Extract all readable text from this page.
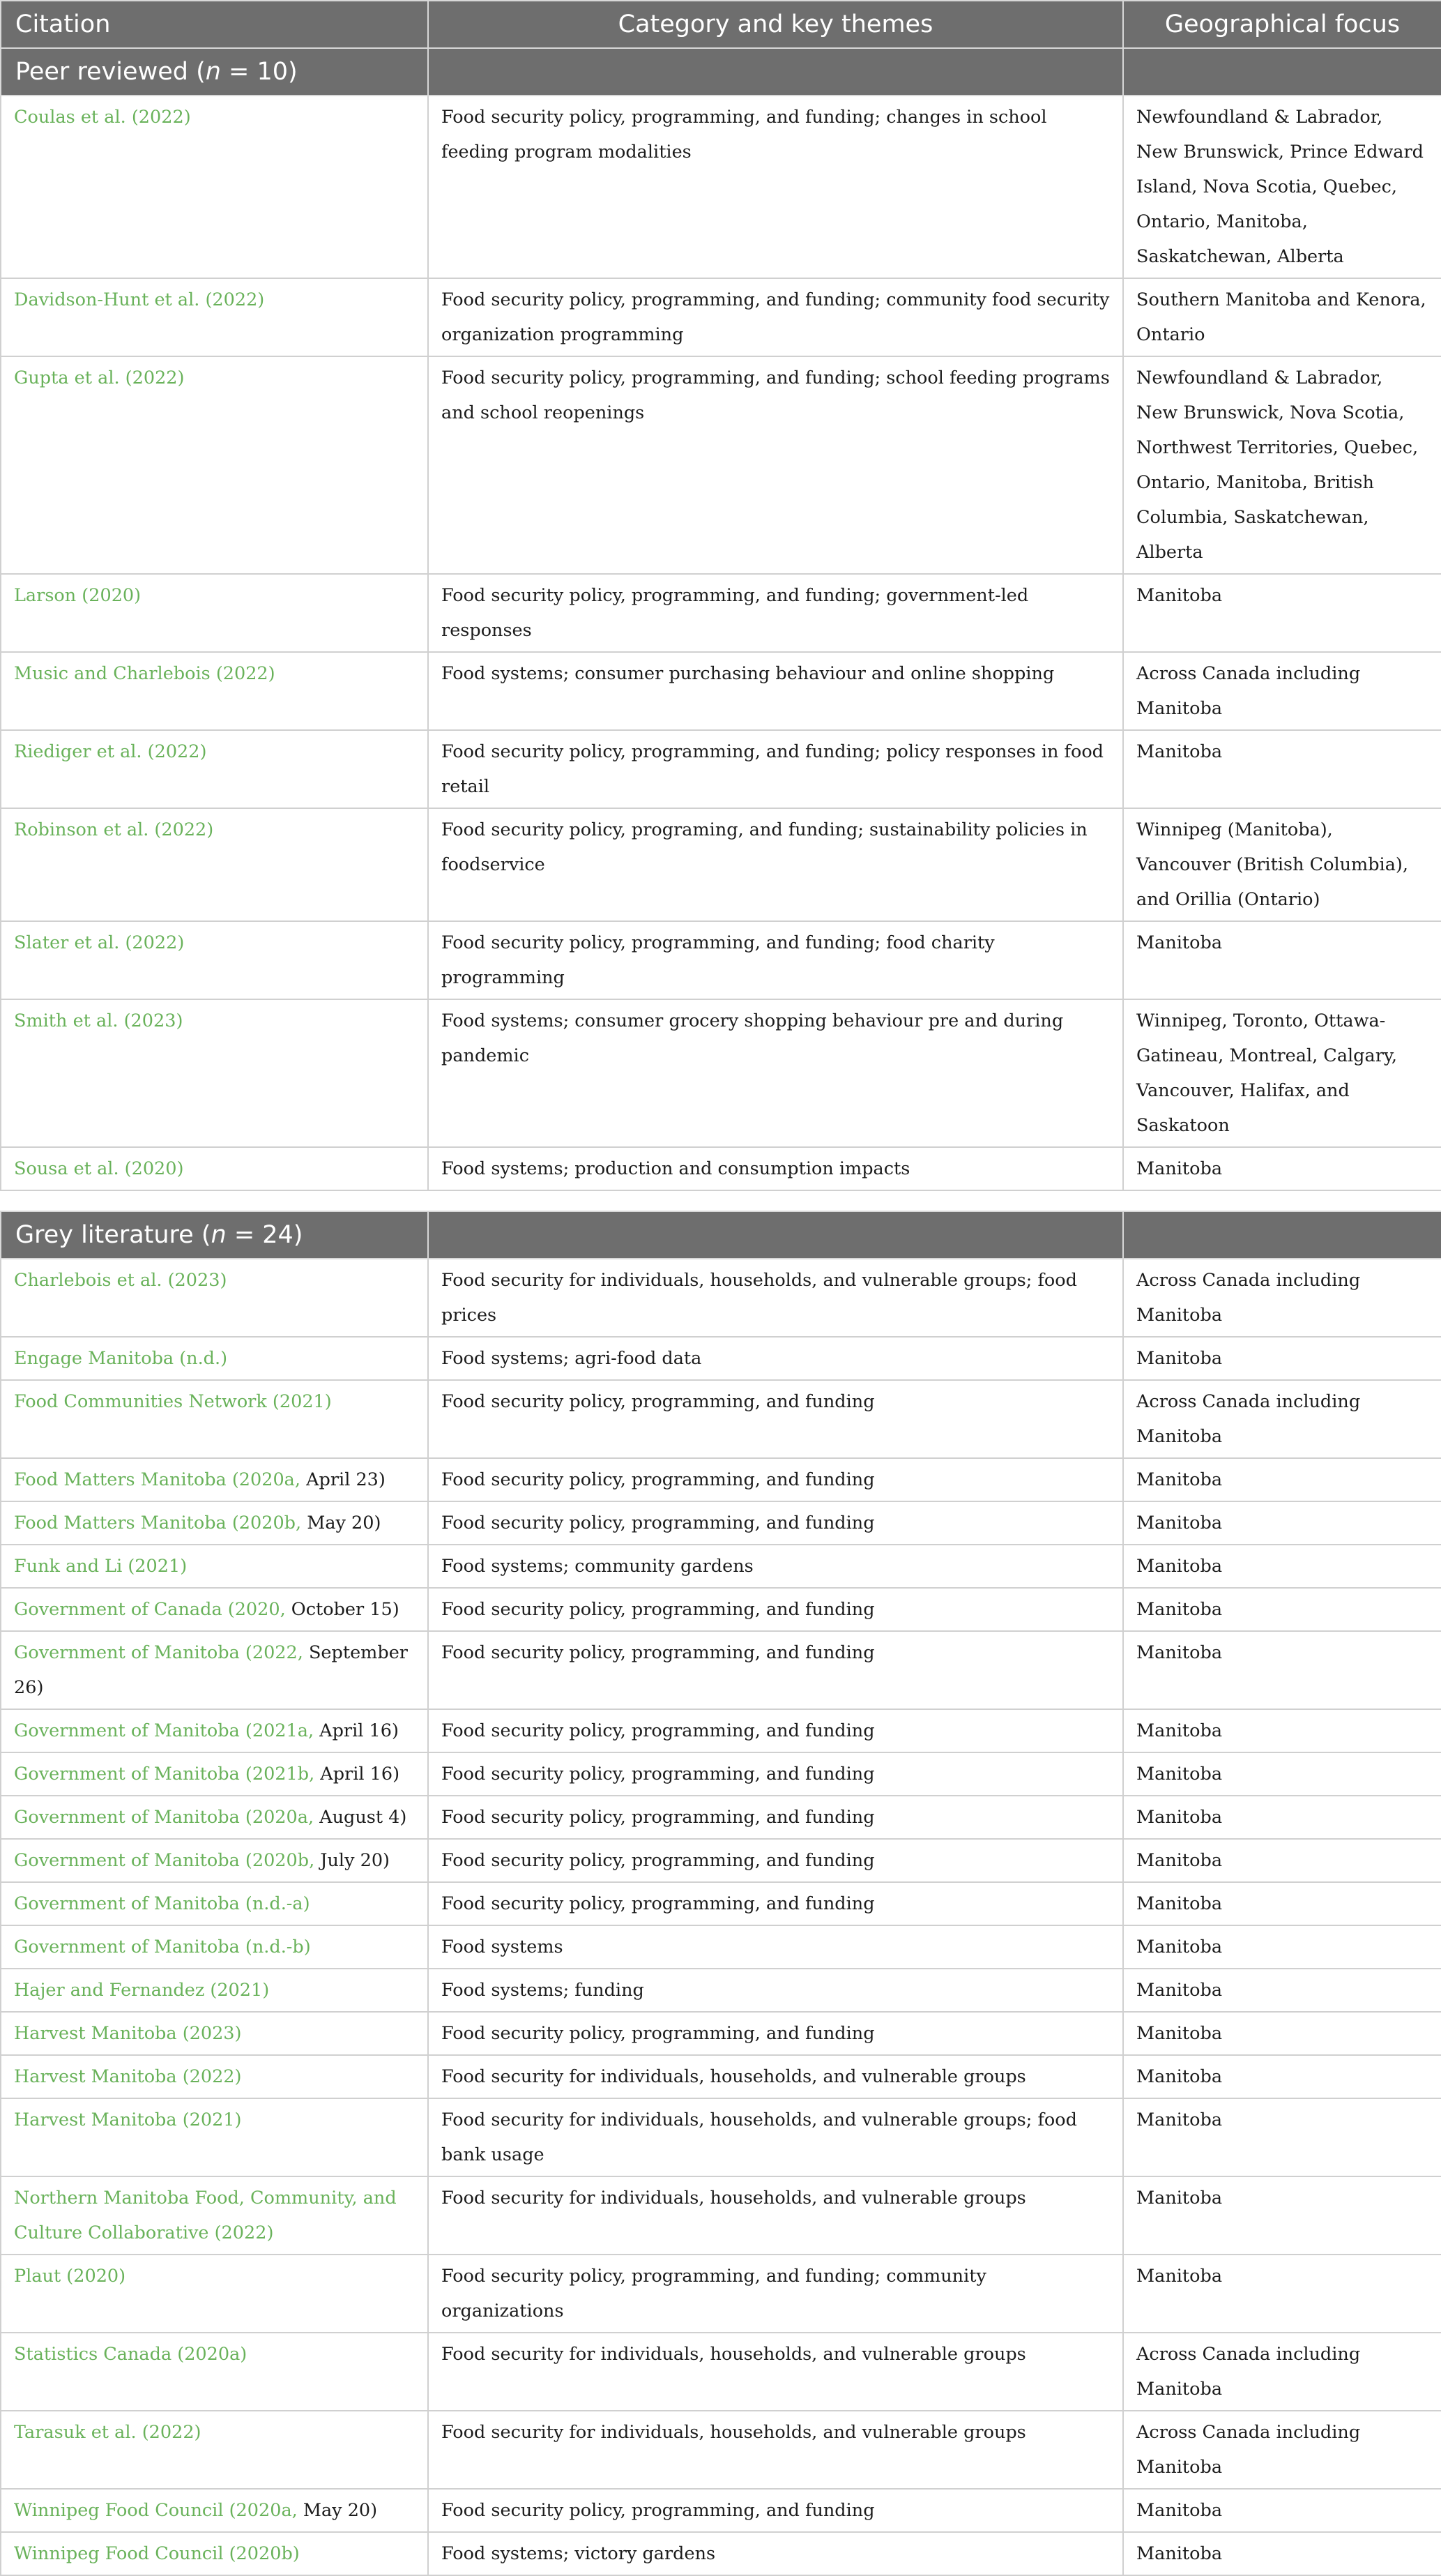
Citation	Category and key themes	Geographical focus
Peer reviewed (n = 10)		
Coulas et al. (2022)	Food security policy, programming, and funding; changes in school feeding program modalities	Newfoundland & Labrador, New Brunswick, Prince Edward Island, Nova Scotia, Quebec, Ontario, Manitoba, Saskatchewan, Alberta
Davidson-Hunt et al. (2022)	Food security policy, programming, and funding; community food security organization programming	Southern Manitoba and Kenora, Ontario
Gupta et al. (2022)	Food security policy, programming, and funding; school feeding programs and school reopenings	Newfoundland & Labrador, New Brunswick, Nova Scotia, Northwest Territories, Quebec, Ontario, Manitoba, British Columbia, Saskatchewan, Alberta
Larson (2020)	Food security policy, programming, and funding; government-led responses	Manitoba
Music and Charlebois (2022)	Food systems; consumer purchasing behaviour and online shopping	Across Canada including Manitoba
Riediger et al. (2022)	Food security policy, programming, and funding; policy responses in food retail	Manitoba
Robinson et al. (2022)	Food security policy, programing, and funding; sustainability policies in foodservice	Winnipeg (Manitoba), Vancouver (British Columbia), and Orillia (Ontario)
Slater et al. (2022)	Food security policy, programming, and funding; food charity programming	Manitoba
Smith et al. (2023)	Food systems; consumer grocery shopping behaviour pre and during pandemic	Winnipeg, Toronto, Ottawa-Gatineau, Montreal, Calgary, Vancouver, Halifax, and Saskatoon
Sousa et al. (2020)	Food systems; production and consumption impacts	Manitoba
Grey literature (n = 24)		
Charlebois et al. (2023)	Food security for individuals, households, and vulnerable groups; food prices	Across Canada including Manitoba
Engage Manitoba (n.d.)	Food systems; agri-food data	Manitoba
Food Communities Network (2021)	Food security policy, programming, and funding	Across Canada including Manitoba
Food Matters Manitoba (2020a, April 23)	Food security policy, programming, and funding	Manitoba
Food Matters Manitoba (2020b, May 20)	Food security policy, programming, and funding	Manitoba
Funk and Li (2021)	Food systems; community gardens	Manitoba
Government of Canada (2020, October 15)	Food security policy, programming, and funding	Manitoba
Government of Manitoba (2022, September 26)	Food security policy, programming, and funding	Manitoba
Government of Manitoba (2021a, April 16)	Food security policy, programming, and funding	Manitoba
Government of Manitoba (2021b, April 16)	Food security policy, programming, and funding	Manitoba
Government of Manitoba (2020a, August 4)	Food security policy, programming, and funding	Manitoba
Government of Manitoba (2020b, July 20)	Food security policy, programming, and funding	Manitoba
Government of Manitoba (n.d.-a)	Food security policy, programming, and funding	Manitoba
Government of Manitoba (n.d.-b)	Food systems	Manitoba
Hajer and Fernandez (2021)	Food systems; funding	Manitoba
Harvest Manitoba (2023)	Food security policy, programming, and funding	Manitoba
Harvest Manitoba (2022)	Food security for individuals, households, and vulnerable groups	Manitoba
Harvest Manitoba (2021)	Food security for individuals, households, and vulnerable groups; food bank usage	Manitoba
Northern Manitoba Food, Community, and Culture Collaborative (2022)	Food security for individuals, households, and vulnerable groups	Manitoba
Plaut (2020)	Food security policy, programming, and funding; community organizations	Manitoba
Statistics Canada (2020a)	Food security for individuals, households, and vulnerable groups	Across Canada including Manitoba
Tarasuk et al. (2022)	Food security for individuals, households, and vulnerable groups	Across Canada including Manitoba
Winnipeg Food Council (2020a, May 20)	Food security policy, programming, and funding	Manitoba
Winnipeg Food Council (2020b)	Food systems; victory gardens	Manitoba
